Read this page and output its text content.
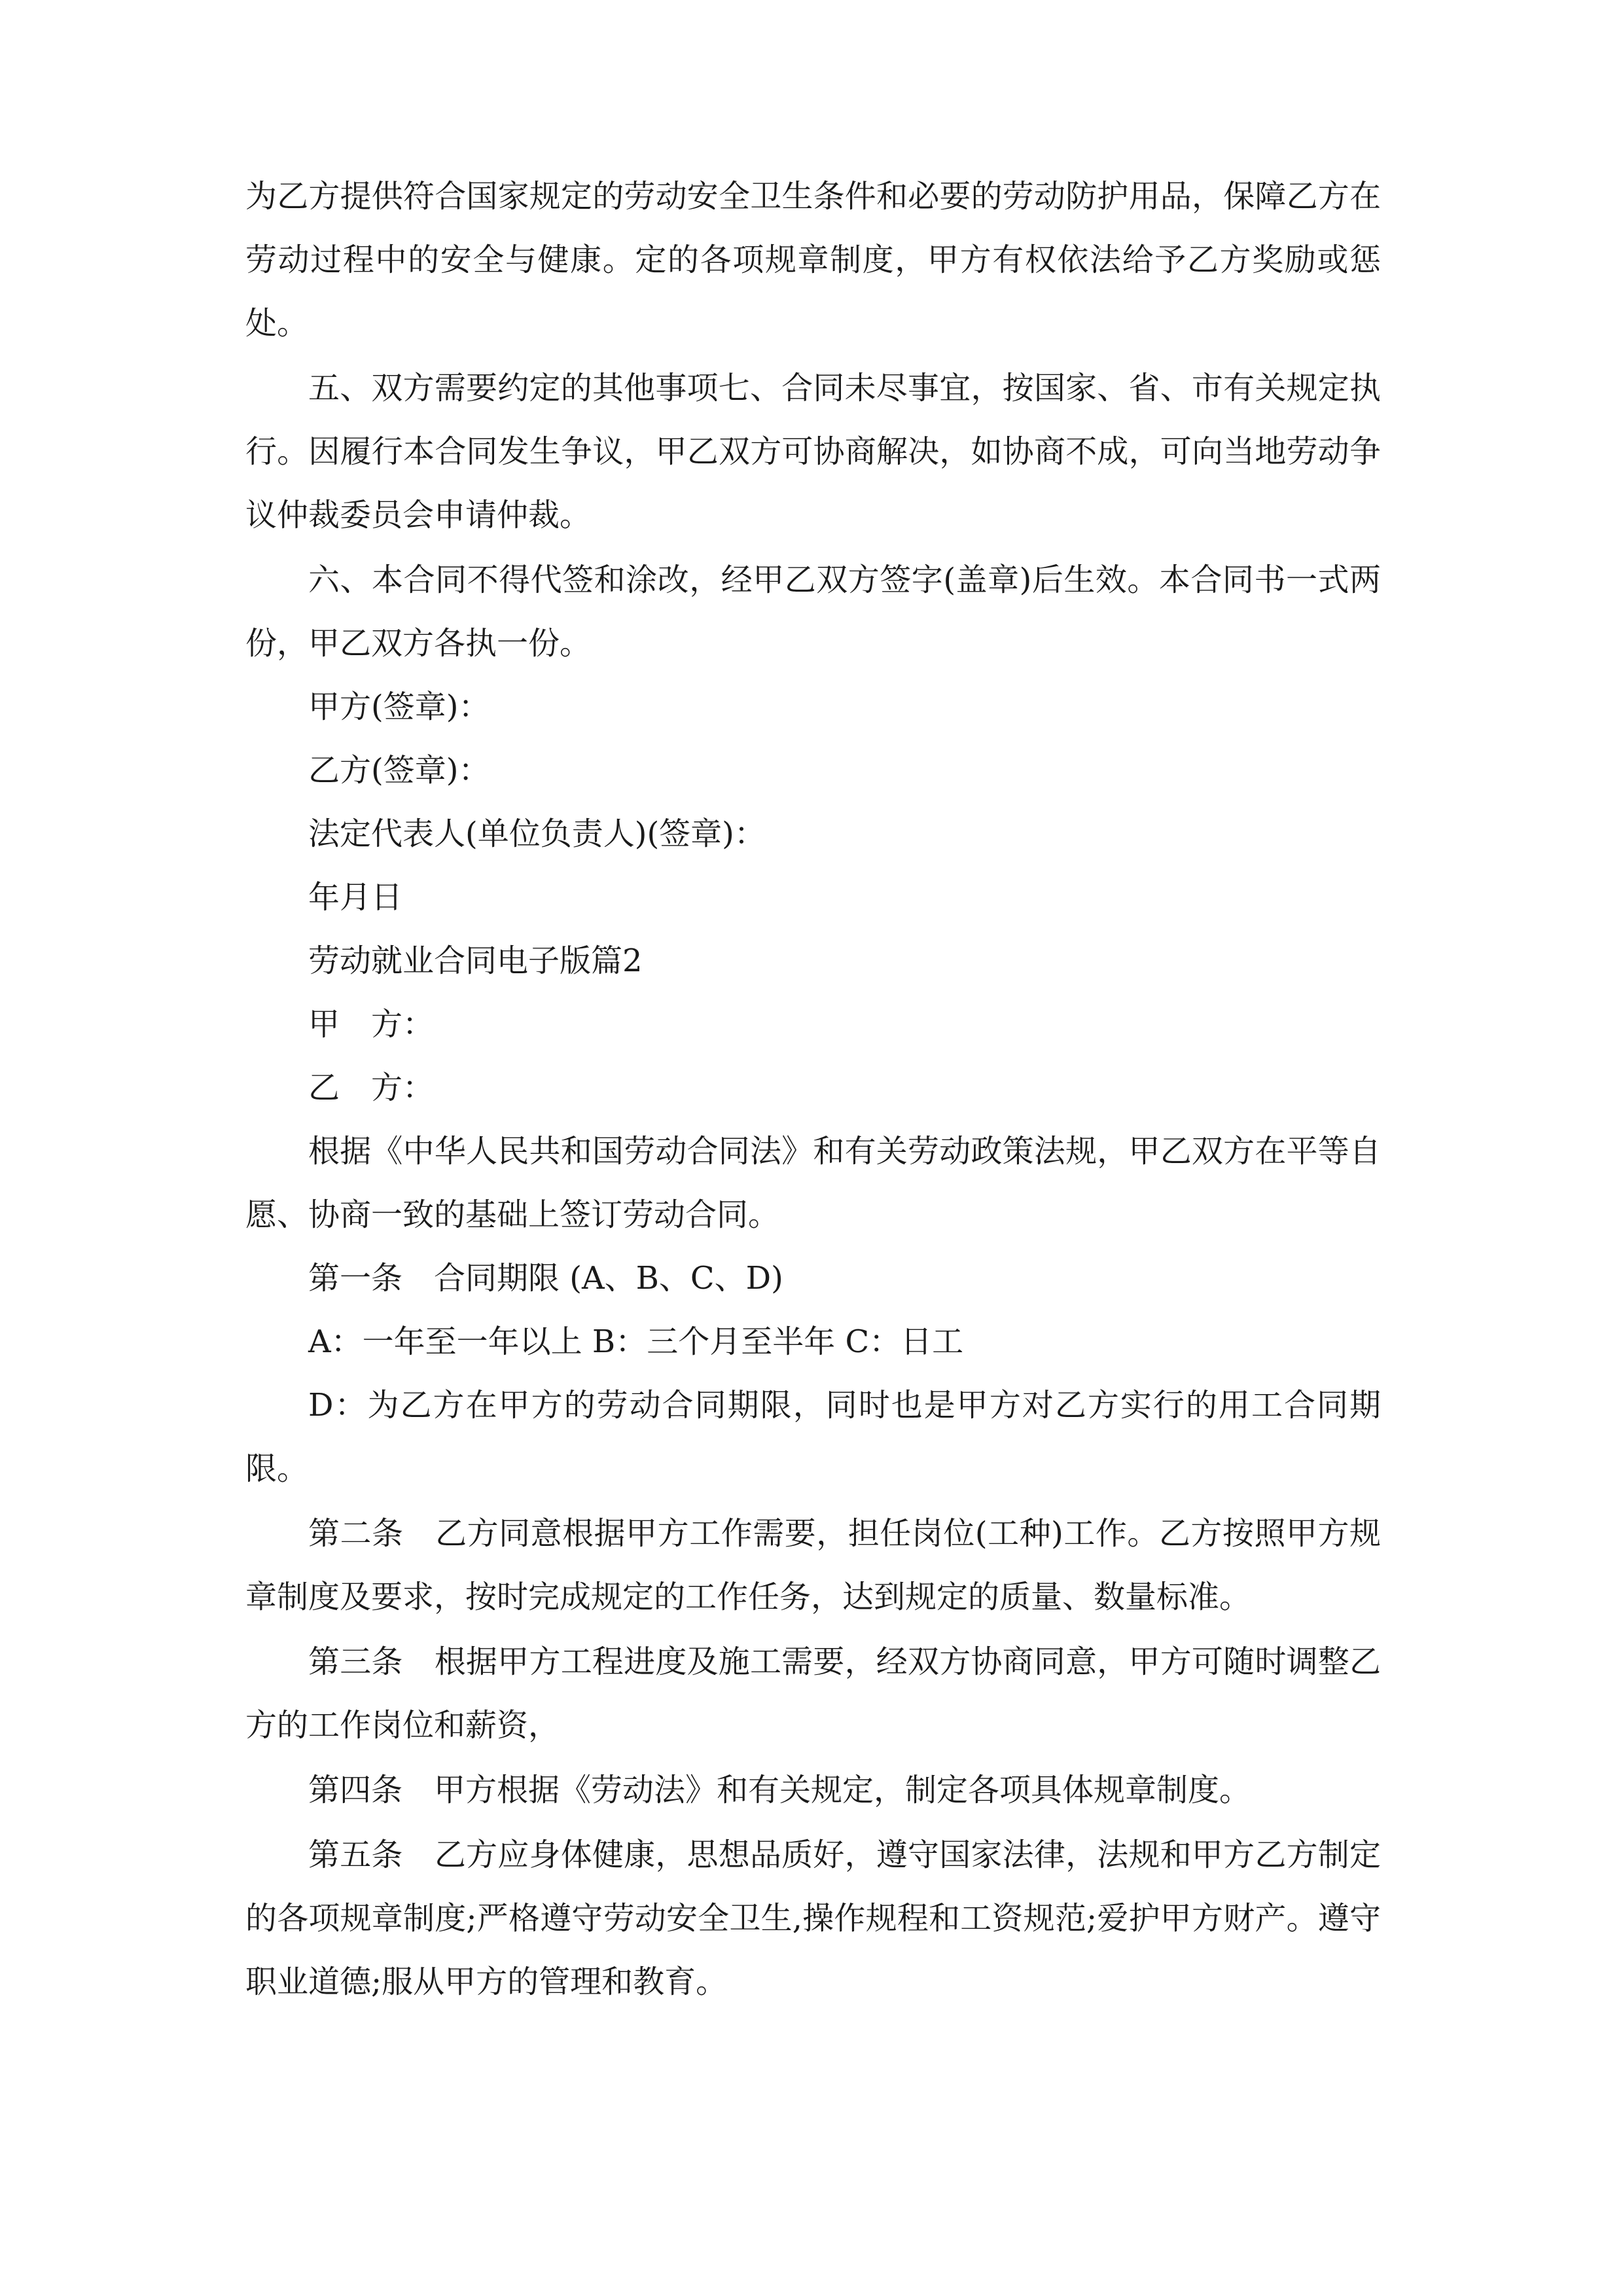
为乙方提供符合国家规定的劳动安全卫生条件和必要的劳动防护用品，保障乙方在劳动过程中的安全与健康。定的各项规章制度，甲方有权依法给予乙方奖励或惩处。

五、双方需要约定的其他事项七、合同未尽事宜，按国家、省、市有关规定执行。因履行本合同发生争议，甲乙双方可协商解决，如协商不成，可向当地劳动争议仲裁委员会申请仲裁。

六、本合同不得代签和涂改，经甲乙双方签字(盖章)后生效。本合同书一式两份，甲乙双方各执一份。

甲方(签章)：

乙方(签章)：

法定代表人(单位负责人)(签章)：

年月日

劳动就业合同电子版篇2

甲　方：

乙　方：

根据《中华人民共和国劳动合同法》和有关劳动政策法规，甲乙双方在平等自愿、协商一致的基础上签订劳动合同。

第一条　合同期限 (A、B、C、D)

A：一年至一年以上 B：三个月至半年 C：日工

D：为乙方在甲方的劳动合同期限，同时也是甲方对乙方实行的用工合同期限。

第二条　乙方同意根据甲方工作需要，担任岗位(工种)工作。乙方按照甲方规章制度及要求，按时完成规定的工作任务，达到规定的质量、数量标准。

第三条　根据甲方工程进度及施工需要，经双方协商同意，甲方可随时调整乙方的工作岗位和薪资，

第四条　甲方根据《劳动法》和有关规定，制定各项具体规章制度。

第五条　乙方应身体健康，思想品质好，遵守国家法律，法规和甲方乙方制定的各项规章制度;严格遵守劳动安全卫生,操作规程和工资规范;爱护甲方财产。遵守职业道德;服从甲方的管理和教育。
